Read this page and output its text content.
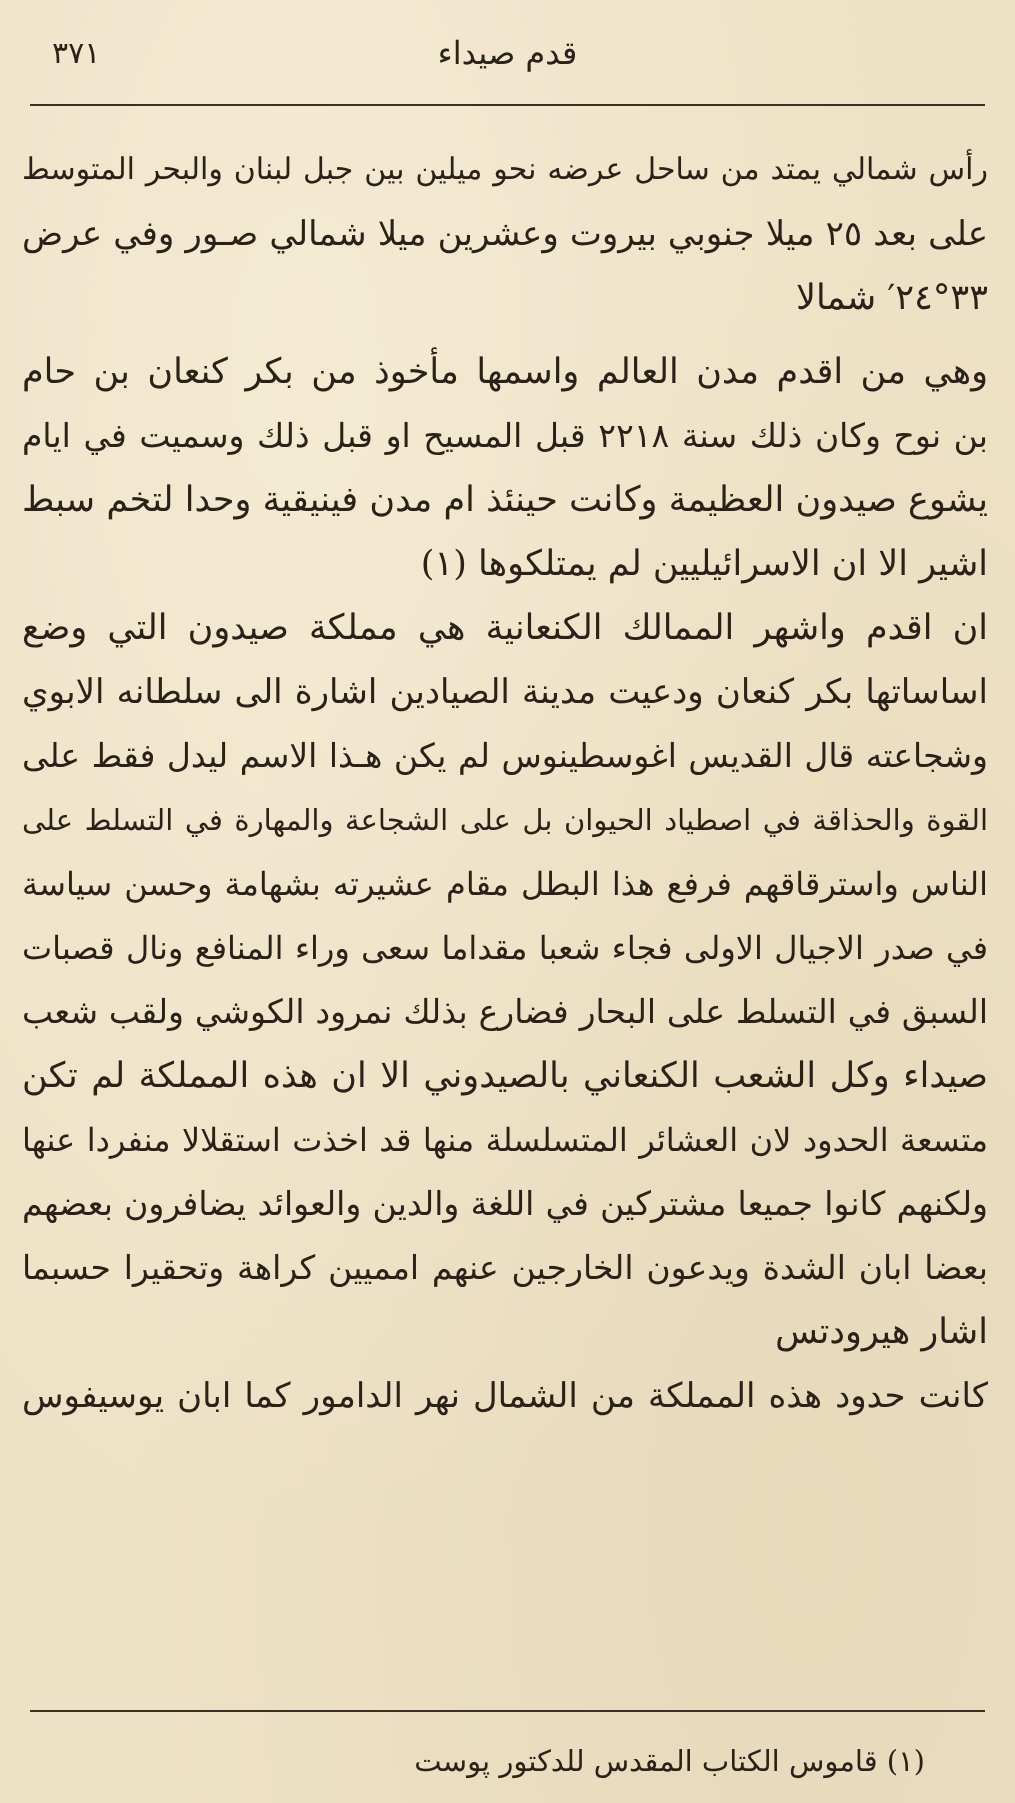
٣٧١	قدم صيداء
رأس شمالي يمتد من ساحل عرضه نحو ميلين بين جبل لبنان والبحر المتوسط
على بعد ٢٥ ميلا جنوبي بيروت وعشرين ميلا شمالي صـور وفي عرض
٣٣°٢٤′ شمالا
وهي من اقدم مدن العالم واسمها مأخوذ من بكر كنعان بن حام
بن نوح وكان ذلك سنة ٢٢١٨ قبل المسيح او قبل ذلك وسميت في ايام
يشوع صيدون العظيمة وكانت حينئذ ام مدن فينيقية وحدا لتخم سبط
اشير الا ان الاسرائيليين لم يمتلكوها (١)
ان اقدم واشهر الممالك الكنعانية هي مملكة صيدون التي وضع
اساساتها بكر كنعان ودعيت مدينة الصيادين اشارة الى سلطانه الابوي
وشجاعته قال القديس اغوسطينوس لم يكن هـذا الاسم ليدل فقط على
القوة والحذاقة في اصطياد الحيوان بل على الشجاعة والمهارة في التسلط على
الناس واسترقاقهم فرفع هذا البطل مقام عشيرته بشهامة وحسن سياسة
في صدر الاجيال الاولى فجاء شعبا مقداما سعى وراء المنافع ونال قصبات
السبق في التسلط على البحار فضارع بذلك نمرود الكوشي ولقب شعب
صيداء وكل الشعب الكنعاني بالصيدوني الا ان هذه المملكة لم تكن
متسعة الحدود لان العشائر المتسلسلة منها قد اخذت استقلالا منفردا عنها
ولكنهم كانوا جميعا مشتركين في اللغة والدين والعوائد يضافرون بعضهم
بعضا ابان الشدة ويدعون الخارجين عنهم امميين كراهة وتحقيرا حسبما
اشار هيرودتس
كانت حدود هذه المملكة من الشمال نهر الدامور كما ابان يوسيفوس
(١) قاموس الكتاب المقدس للدكتور پوست
